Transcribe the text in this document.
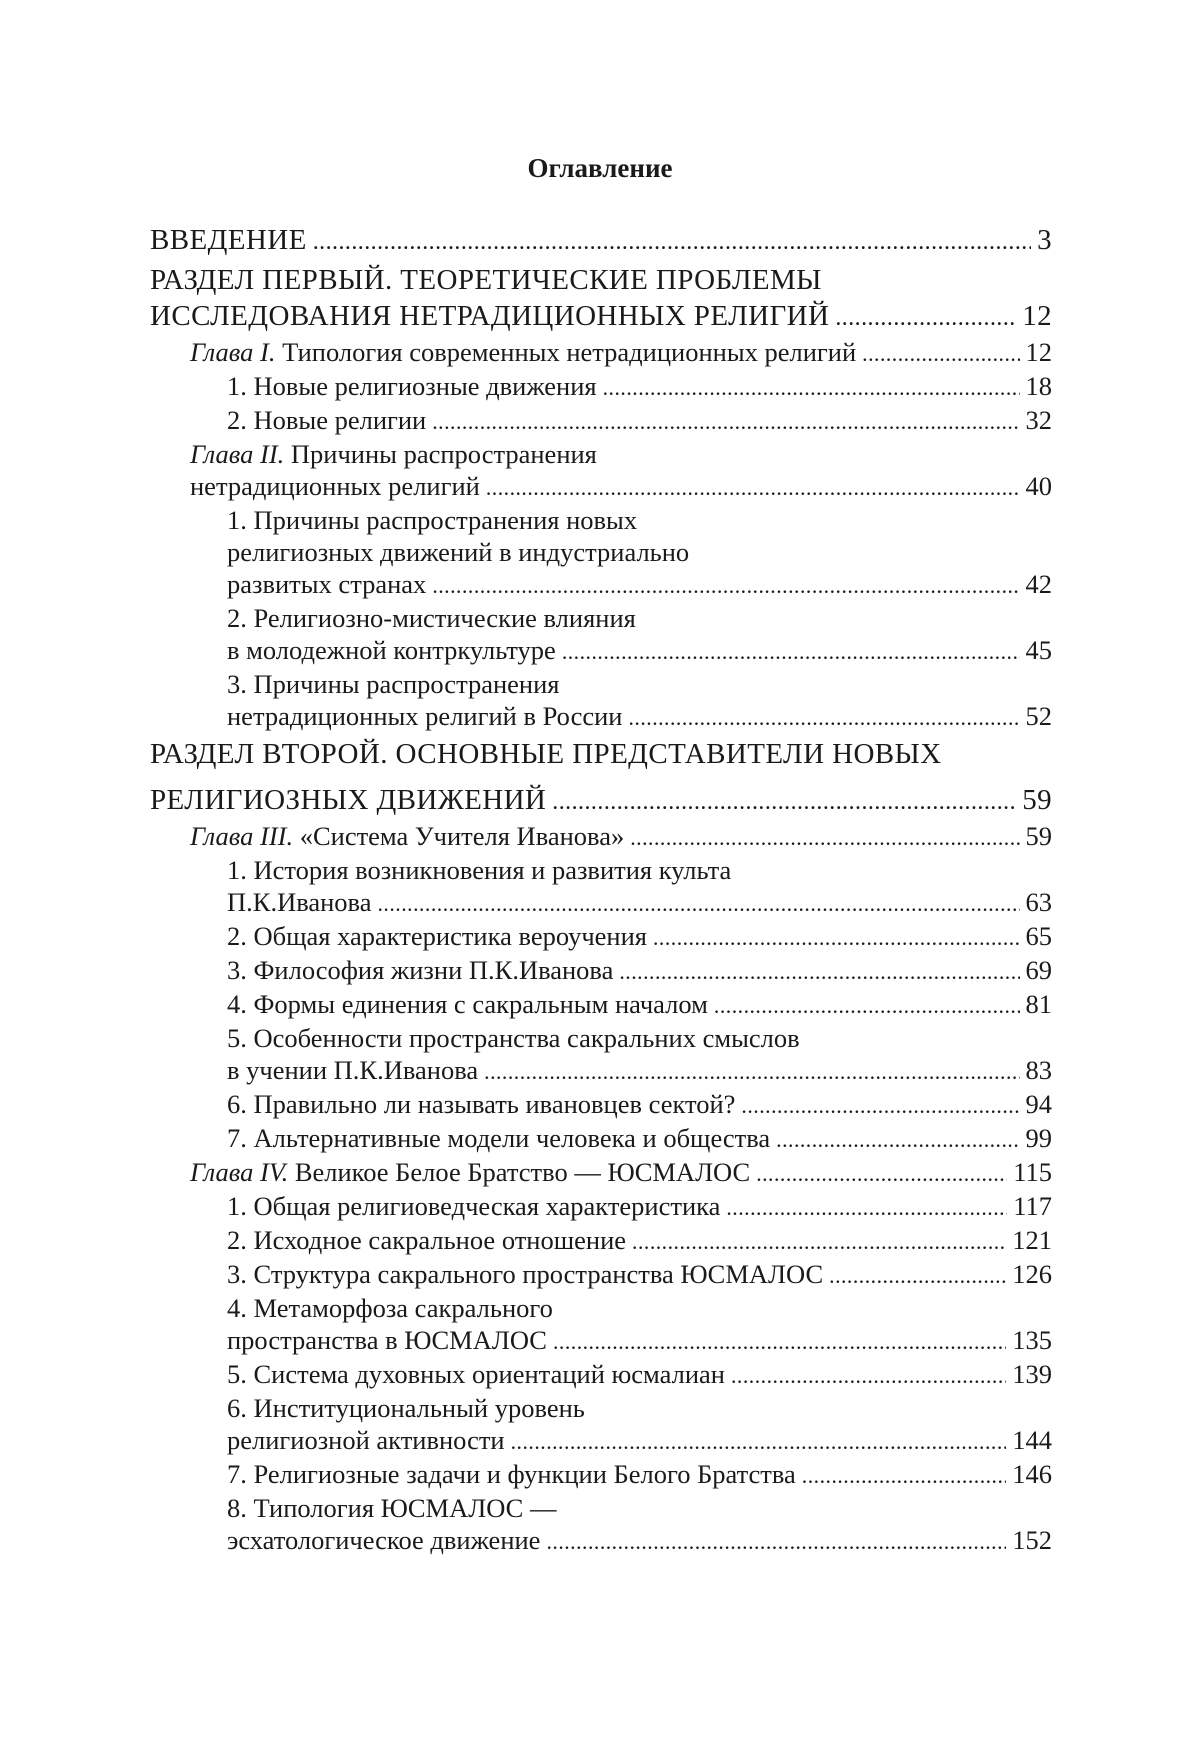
Оглавление
ВВЕДЕНИЕ .....	3
РАЗДЕЛ ПЕРВЫЙ. ТЕОРЕТИЧЕСКИЕ ПРОБЛЕМЫ
ИССЛЕДОВАНИЯ НЕТРАДИЦИОННЫХ РЕЛИГИЙ .....	12
Глава I. Типология современных нетрадиционных религий .....	12
1. Новые религиозные движения .....	18
2. Новые религии .....	32
Глава II. Причины распространения
нетрадиционных религий .....	40
1. Причины распространения новых
религиозных движений в индустриально
развитых странах .....	42
2. Религиозно-мистические влияния
в молодежной контркультуре .....	45
3. Причины распространения
нетрадиционных религий в России .....	52
РАЗДЕЛ ВТОРОЙ. ОСНОВНЫЕ ПРЕДСТАВИТЕЛИ НОВЫХ
РЕЛИГИОЗНЫХ ДВИЖЕНИЙ .....	59
Глава III. «Система Учителя Иванова» .....	59
1. История возникновения и развития культа
П.К.Иванова .....	63
2. Общая характеристика вероучения .....	65
3. Философия жизни П.К.Иванова .....	69
4. Формы единения с сакральным началом .....	81
5. Особенности пространства сакральних смыслов
в учении П.К.Иванова .....	83
6. Правильно ли называть ивановцев сектой? .....	94
7. Альтернативные модели человека и общества .....	99
Глава IV. Великое Белое Братство — ЮСМАЛОС .....	115
1. Общая религиоведческая характеристика .....	117
2. Исходное сакральное отношение .....	121
3. Структура сакрального пространства ЮСМАЛОС .....	126
4. Метаморфоза сакрального
пространства в ЮСМАЛОС .....	135
5. Система духовных ориентаций юсмалиан .....	139
6. Институциональный уровень
религиозной активности .....	144
7. Религиозные задачи и функции Белого Братства .....	146
8. Типология ЮСМАЛОС —
эсхатологическое движение .....	152
